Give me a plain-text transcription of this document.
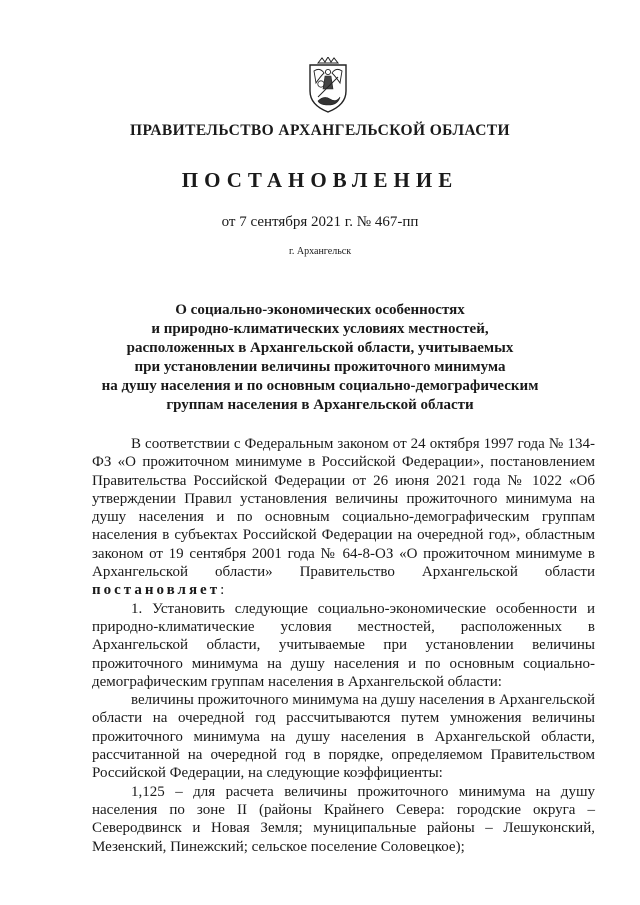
ПРАВИТЕЛЬСТВО АРХАНГЕЛЬСКОЙ ОБЛАСТИ
ПОСТАНОВЛЕНИЕ
от 7 сентября 2021 г. № 467-пп
г. Архангельск
О социально-экономических особенностях
и природно-климатических условиях местностей,
расположенных в Архангельской области, учитываемых
при установлении величины прожиточного минимума
на душу населения и по основным социально-демографическим
группам населения в Архангельской области

В соответствии с Федеральным законом от 24 октября 1997 года № 134-ФЗ «О прожиточном минимуме в Российской Федерации», постановлением Правительства Российской Федерации от 26 июня 2021 года № 1022 «Об утверждении Правил установления величины прожиточного минимума на душу населения и по основным социально-демографическим группам населения в субъектах Российской Федерации на очередной год», областным законом от 19 сентября 2001 года № 64-8-ОЗ «О прожиточном минимуме в Архангельской области» Правительство Архангельской области постановляет:

1. Установить следующие социально-экономические особенности и природно-климатические условия местностей, расположенных в Архангельской области, учитываемые при установлении величины прожиточного минимума на душу населения и по основным социально-демографическим группам населения в Архангельской области:

величины прожиточного минимума на душу населения в Архангельской области на очередной год рассчитываются путем умножения величины прожиточного минимума на душу населения в Архангельской области, рассчитанной на очередной год в порядке, определяемом Правительством Российской Федерации, на следующие коэффициенты:

1,125 – для расчета величины прожиточного минимума на душу населения по зоне II (районы Крайнего Севера: городские округа – Северодвинск и Новая Земля; муниципальные районы – Лешуконский, Мезенский, Пинежский; сельское поселение Соловецкое);
